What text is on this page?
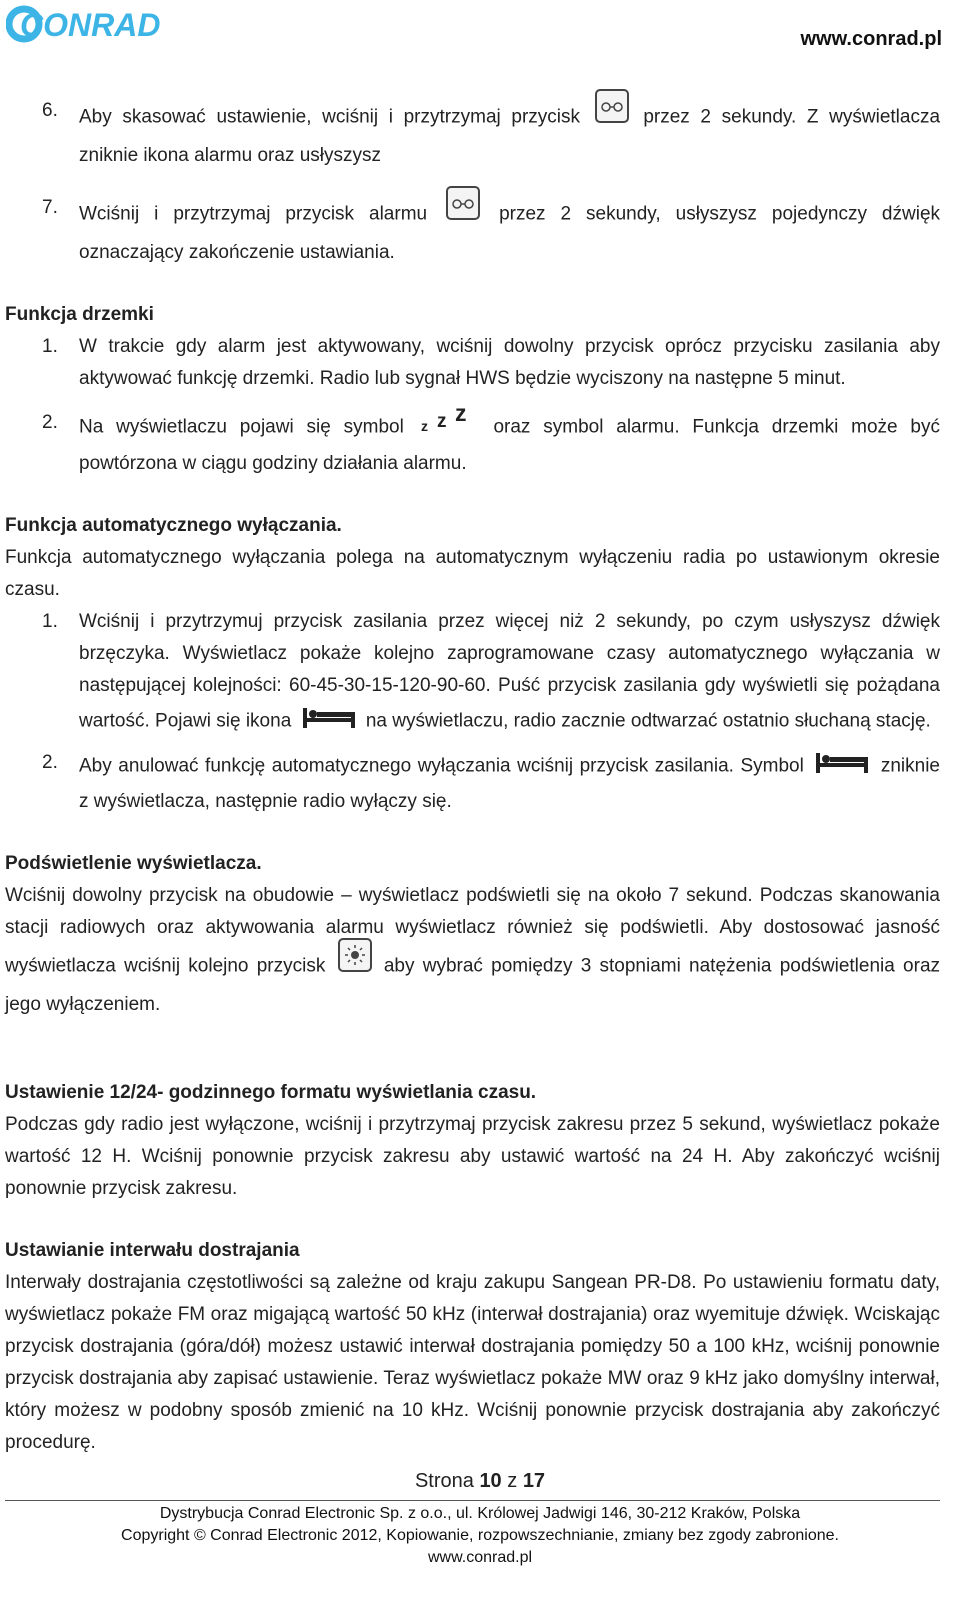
CONRAD	www.conrad.pl
6.	Aby skasować ustawienie, wciśnij i przytrzymaj przycisk	przez 2 sekundy. Z wyświetlacza zniknie ikona alarmu oraz usłyszysz
7.	Wciśnij i przytrzymaj przycisk alarmu	przez 2 sekundy, usłyszysz pojedynczy dźwięk oznaczający zakończenie ustawiania.

Funkcja drzemki

1.	W trakcie gdy alarm jest aktywowany, wciśnij dowolny przycisk oprócz przycisku zasilania aby aktywować funkcję drzemki. Radio lub sygnał HWS będzie wyciszony na następne 5 minut.
2.	Na wyświetlaczu pojawi się symbol z z z
oraz symbol alarmu. Funkcja drzemki może być powtórzona w ciągu godziny działania alarmu.

Funkcja automatycznego wyłączania.

Funkcja automatycznego wyłączania polega na automatycznym wyłączeniu radia po ustawionym okresie czasu.

1.	Wciśnij i przytrzymuj przycisk zasilania przez więcej niż 2 sekundy, po czym usłyszysz dźwięk brzęczyka. Wyświetlacz pokaże kolejno zaprogramowane czasy automatycznego wyłączania w następującej kolejności: 60-45-30-15-120-90-60. Puść przycisk zasilania gdy wyświetli się pożądana wartość. Pojawi się ikona	na wyświetlaczu, radio zacznie odtwarzać ostatnio słuchaną stację.
2.	Aby anulować funkcję automatycznego wyłączania wciśnij przycisk zasilania. Symbol	zniknie z wyświetlacza, następnie radio wyłączy się.

Podświetlenie wyświetlacza.

Wciśnij dowolny przycisk na obudowie – wyświetlacz podświetli się na około 7 sekund. Podczas skanowania stacji radiowych oraz aktywowania alarmu wyświetlacz również się podświetli. Aby dostosować jasność wyświetlacza wciśnij kolejno przycisk	aby wybrać pomiędzy 3 stopniami natężenia podświetlenia oraz jego wyłączeniem.

Ustawienie 12/24- godzinnego formatu wyświetlania czasu.

Podczas gdy radio jest wyłączone, wciśnij i przytrzymaj przycisk zakresu przez 5 sekund, wyświetlacz pokaże wartość 12 H. Wciśnij ponownie przycisk zakresu aby ustawić wartość na 24 H. Aby zakończyć wciśnij ponownie przycisk zakresu.

Ustawianie interwału dostrajania

Interwały dostrajania częstotliwości są zależne od kraju zakupu Sangean PR-D8. Po ustawieniu formatu daty, wyświetlacz pokaże FM oraz migającą wartość 50 kHz (interwał dostrajania) oraz wyemituje dźwięk. Wciskając przycisk dostrajania (góra/dół) możesz ustawić interwał dostrajania pomiędzy 50 a 100 kHz, wciśnij ponownie przycisk dostrajania aby zapisać ustawienie. Teraz wyświetlacz pokaże MW oraz 9 kHz jako domyślny interwał, który możesz w podobny sposób zmienić na 10 kHz. Wciśnij ponownie przycisk dostrajania aby zakończyć procedurę.

Strona 10 z 17
Dystrybucja Conrad Electronic Sp. z o.o., ul. Królowej Jadwigi 146, 30-212 Kraków, Polska
Copyright © Conrad Electronic 2012, Kopiowanie, rozpowszechnianie, zmiany bez zgody zabronione.
www.conrad.pl
